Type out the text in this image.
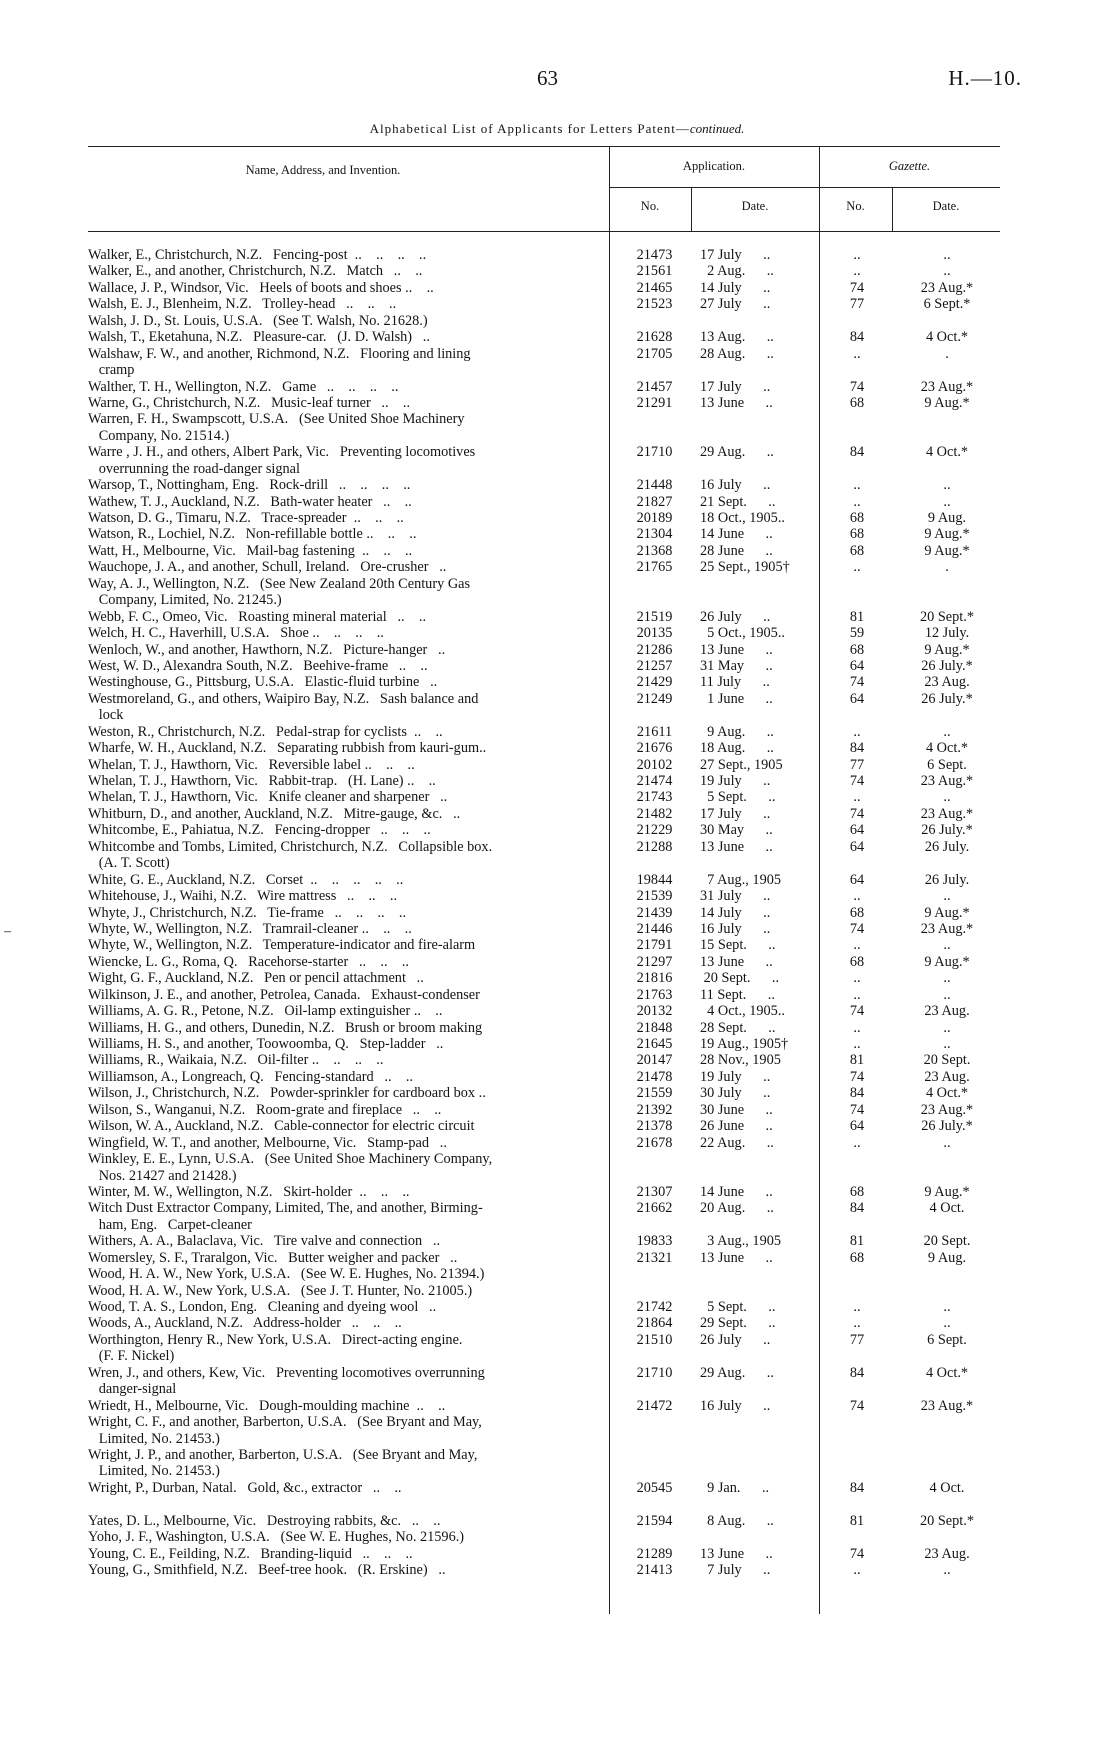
63	H.—10.
Alphabetical List of Applicants for Letters Patent—continued.
Name, Address, and Invention.	Application.	Gazette.
No.	Date.	No.	Date.
–
Walker, E., Christchurch, N.Z.   Fencing-post  ..    ..    ..    ..	21473	17 July      ..	..	..
Walker, E., and another, Christchurch, N.Z.   Match   ..    ..	21561	2 Aug.      ..	..	..
Wallace, J. P., Windsor, Vic.   Heels of boots and shoes ..    ..	21465	14 July      ..	74	23 Aug.*
Walsh, E. J., Blenheim, N.Z.   Trolley-head   ..    ..    ..	21523	27 July      ..	77	6 Sept.*
Walsh, J. D., St. Louis, U.S.A.   (See T. Walsh, No. 21628.)
Walsh, T., Eketahuna, N.Z.   Pleasure-car.   (J. D. Walsh)   ..	21628	13 Aug.      ..	84	4 Oct.*
Walshaw, F. W., and another, Richmond, N.Z.   Flooring and lining	21705	28 Aug.      ..	..	.
cramp
Walther, T. H., Wellington, N.Z.   Game   ..    ..    ..    ..	21457	17 July      ..	74	23 Aug.*
Warne, G., Christchurch, N.Z.   Music-leaf turner   ..    ..	21291	13 June      ..	68	9 Aug.*
Warren, F. H., Swampscott, U.S.A.   (See United Shoe Machinery
Company, No. 21514.)
Warre , J. H., and others, Albert Park, Vic.   Preventing locomotives	21710	29 Aug.      ..	84	4 Oct.*
overrunning the road-danger signal
Warsop, T., Nottingham, Eng.   Rock-drill   ..    ..    ..    ..	21448	16 July      ..	..	..
Wathew, T. J., Auckland, N.Z.   Bath-water heater   ..    ..	21827	21 Sept.      ..	..	..
Watson, D. G., Timaru, N.Z.   Trace-spreader  ..    ..    ..	20189	18 Oct., 1905..	68	9 Aug.
Watson, R., Lochiel, N.Z.   Non-refillable bottle ..    ..    ..	21304	14 June      ..	68	9 Aug.*
Watt, H., Melbourne, Vic.   Mail-bag fastening  ..    ..    ..	21368	28 June      ..	68	9 Aug.*
Wauchope, J. A., and another, Schull, Ireland.   Ore-crusher   ..	21765	25 Sept., 1905†	..	.
Way, A. J., Wellington, N.Z.   (See New Zealand 20th Century Gas
Company, Limited, No. 21245.)
Webb, F. C., Omeo, Vic.   Roasting mineral material   ..    ..	21519	26 July      ..	81	20 Sept.*
Welch, H. C., Haverhill, U.S.A.   Shoe ..    ..    ..    ..	20135	5 Oct., 1905..	59	12 July.
Wenloch, W., and another, Hawthorn, N.Z.   Picture-hanger   ..	21286	13 June      ..	68	9 Aug.*
West, W. D., Alexandra South, N.Z.   Beehive-frame   ..    ..	21257	31 May      ..	64	26 July.*
Westinghouse, G., Pittsburg, U.S.A.   Elastic-fluid turbine   ..	21429	11 July      ..	74	23 Aug.
Westmoreland, G., and others, Waipiro Bay, N.Z.   Sash balance and	21249	1 June      ..	64	26 July.*
lock
Weston, R., Christchurch, N.Z.   Pedal-strap for cyclists  ..    ..	21611	9 Aug.      ..	..	..
Wharfe, W. H., Auckland, N.Z.   Separating rubbish from kauri-gum..	21676	18 Aug.      ..	84	4 Oct.*
Whelan, T. J., Hawthorn, Vic.   Reversible label ..    ..    ..	20102	27 Sept., 1905	77	6 Sept.
Whelan, T. J., Hawthorn, Vic.   Rabbit-trap.   (H. Lane) ..    ..	21474	19 July      ..	74	23 Aug.*
Whelan, T. J., Hawthorn, Vic.   Knife cleaner and sharpener   ..	21743	5 Sept.      ..	..	..
Whitburn, D., and another, Auckland, N.Z.   Mitre-gauge, &c.   ..	21482	17 July      ..	74	23 Aug.*
Whitcombe, E., Pahiatua, N.Z.   Fencing-dropper   ..    ..    ..	21229	30 May      ..	64	26 July.*
Whitcombe and Tombs, Limited, Christchurch, N.Z.   Collapsible box.	21288	13 June      ..	64	26 July.
(A. T. Scott)
White, G. E., Auckland, N.Z.   Corset  ..    ..    ..    ..    ..	19844	7 Aug., 1905	64	26 July.
Whitehouse, J., Waihi, N.Z.   Wire mattress   ..    ..    ..	21539	31 July      ..	..	..
Whyte, J., Christchurch, N.Z.   Tie-frame   ..    ..    ..    ..	21439	14 July      ..	68	9 Aug.*
Whyte, W., Wellington, N.Z.   Tramrail-cleaner ..    ..    ..	21446	16 July      ..	74	23 Aug.*
Whyte, W., Wellington, N.Z.   Temperature-indicator and fire-alarm	21791	15 Sept.      ..	..	..
Wiencke, L. G., Roma, Q.   Racehorse-starter   ..    ..    ..	21297	13 June      ..	68	9 Aug.*
Wight, G. F., Auckland, N.Z.   Pen or pencil attachment   ..	21816	20 Sept.      ..	..	..
Wilkinson, J. E., and another, Petrolea, Canada.   Exhaust-condenser	21763	11 Sept.      ..	..	..
Williams, A. G. R., Petone, N.Z.   Oil-lamp extinguisher ..    ..	20132	4 Oct., 1905..	74	23 Aug.
Williams, H. G., and others, Dunedin, N.Z.   Brush or broom making	21848	28 Sept.      ..	..	..
Williams, H. S., and another, Toowoomba, Q.   Step-ladder   ..	21645	19 Aug., 1905†	..	..
Williams, R., Waikaia, N.Z.   Oil-filter ..    ..    ..    ..	20147	28 Nov., 1905	81	20 Sept.
Williamson, A., Longreach, Q.   Fencing-standard   ..    ..	21478	19 July      ..	74	23 Aug.
Wilson, J., Christchurch, N.Z.   Powder-sprinkler for cardboard box ..	21559	30 July      ..	84	4 Oct.*
Wilson, S., Wanganui, N.Z.   Room-grate and fireplace   ..    ..	21392	30 June      ..	74	23 Aug.*
Wilson, W. A., Auckland, N.Z.   Cable-connector for electric circuit	21378	26 June      ..	64	26 July.*
Wingfield, W. T., and another, Melbourne, Vic.   Stamp-pad   ..	21678	22 Aug.      ..	..	..
Winkley, E. E., Lynn, U.S.A.   (See United Shoe Machinery Company,
Nos. 21427 and 21428.)
Winter, M. W., Wellington, N.Z.   Skirt-holder  ..    ..    ..	21307	14 June      ..	68	9 Aug.*
Witch Dust Extractor Company, Limited, The, and another, Birming-	21662	20 Aug.      ..	84	4 Oct.
ham, Eng.   Carpet-cleaner
Withers, A. A., Balaclava, Vic.   Tire valve and connection   ..	19833	3 Aug., 1905	81	20 Sept.
Womersley, S. F., Traralgon, Vic.   Butter weigher and packer   ..	21321	13 June      ..	68	9 Aug.
Wood, H. A. W., New York, U.S.A.   (See W. E. Hughes, No. 21394.)
Wood, H. A. W., New York, U.S.A.   (See J. T. Hunter, No. 21005.)
Wood, T. A. S., London, Eng.   Cleaning and dyeing wool   ..	21742	5 Sept.      ..	..	..
Woods, A., Auckland, N.Z.   Address-holder   ..    ..    ..	21864	29 Sept.      ..	..	..
Worthington, Henry R., New York, U.S.A.   Direct-acting engine.	21510	26 July      ..	77	6 Sept.
(F. F. Nickel)
Wren, J., and others, Kew, Vic.   Preventing locomotives overrunning	21710	29 Aug.      ..	84	4 Oct.*
danger-signal
Wriedt, H., Melbourne, Vic.   Dough-moulding machine  ..    ..	21472	16 July      ..	74	23 Aug.*
Wright, C. F., and another, Barberton, U.S.A.   (See Bryant and May,
Limited, No. 21453.)
Wright, J. P., and another, Barberton, U.S.A.   (See Bryant and May,
Limited, No. 21453.)
Wright, P., Durban, Natal.   Gold, &c., extractor   ..    ..	20545	9 Jan.      ..	84	4 Oct.
Yates, D. L., Melbourne, Vic.   Destroying rabbits, &c.   ..    ..	21594	8 Aug.      ..	81	20 Sept.*
Yoho, J. F., Washington, U.S.A.   (See W. E. Hughes, No. 21596.)
Young, C. E., Feilding, N.Z.   Branding-liquid   ..    ..    ..	21289	13 June      ..	74	23 Aug.
Young, G., Smithfield, N.Z.   Beef-tree hook.   (R. Erskine)   ..	21413	7 July      ..	..	..
